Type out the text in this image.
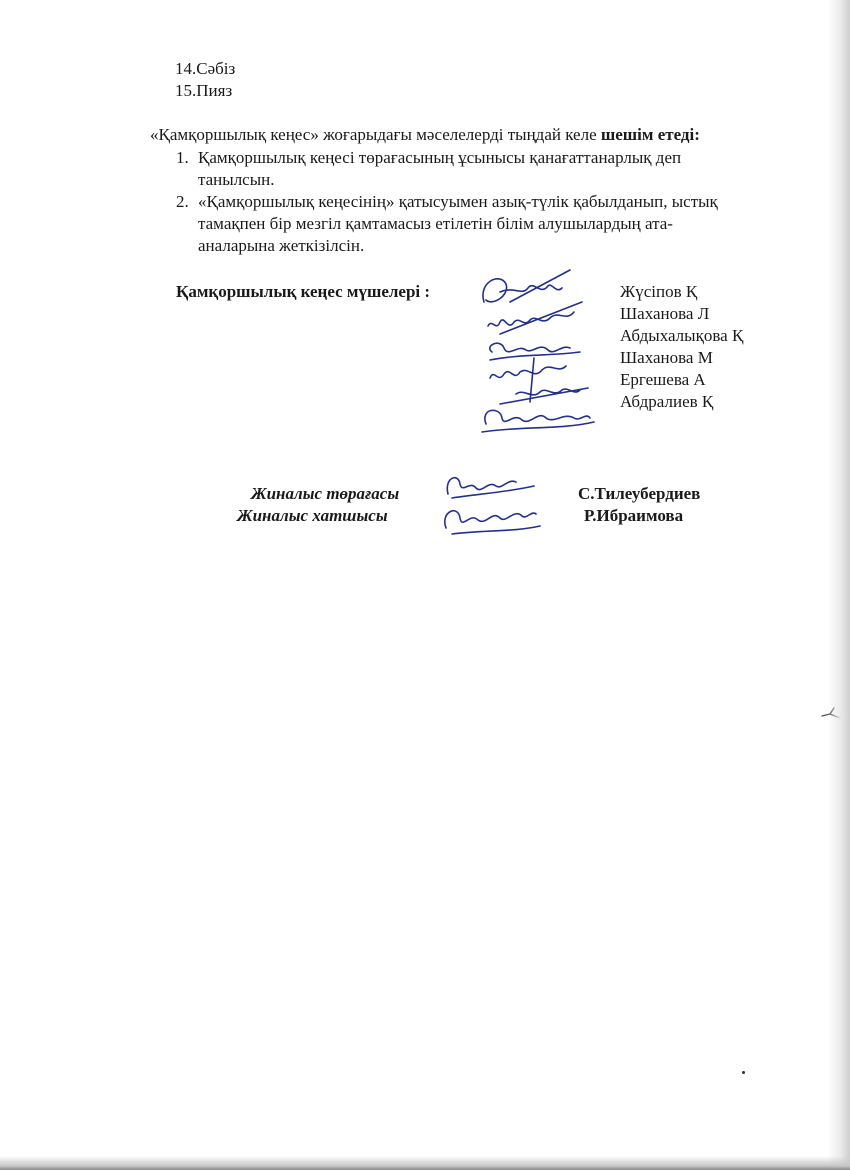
14.Сәбіз
15.Пияз
«Қамқоршылық кеңес» жоғарыдағы мәселелерді тыңдай келе шешім етеді:
1. Қамқоршылық кеңесі төрағасының ұсынысы қанағаттанарлық деп
танылсын.
2. «Қамқоршылық кеңесінің» қатысуымен азық-түлік қабылданып, ыстық
тамақпен бір мезгіл қамтамасыз етілетін білім алушылардың ата-
аналарына жеткізілсін.
Қамқоршылық кеңес мүшелері :	Жүсіпов Қ
Шаханова Л
Абдыхалықова Қ
Шаханова М
Ергешева А
Абдралиев Қ
Жиналыс төрағасы	С.Тилеубердиев
Жиналыс хатшысы	Р.Ибраимова
